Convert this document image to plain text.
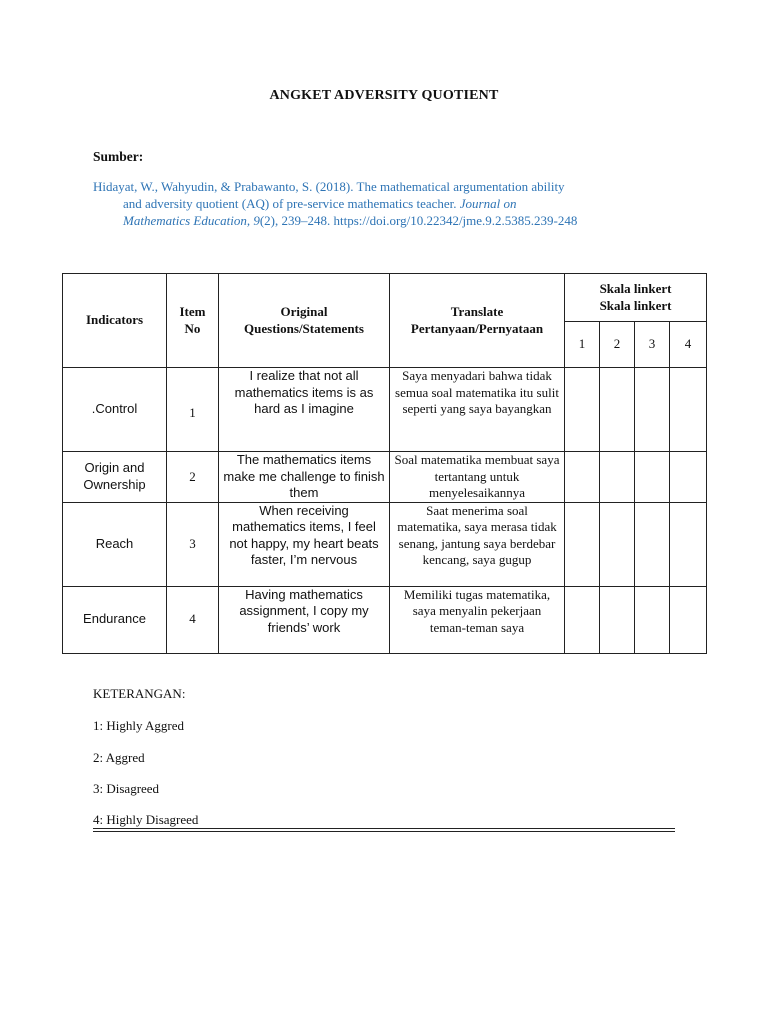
ANGKET ADVERSITY QUOTIENT
Sumber:
Hidayat, W., Wahyudin, & Prabawanto, S. (2018). The mathematical argumentation ability
and adversity quotient (AQ) of pre-service mathematics teacher. Journal on
Mathematics Education, 9(2), 239–248. https://doi.org/10.22342/jme.9.2.5385.239-248
Indicators	Item No	Original Questions/Statements	Translate Pertanyaan/Pernyataan	Skala linkert
Skala linkert			

				1	2	3	4
.Control	1	I realize that not all mathematics items is as hard as I imagine	Saya menyadari bahwa tidak semua soal matematika itu sulit seperti yang saya bayangkan				
Origin and Ownership	2	The mathematics items make me challenge to finish them	Soal matematika membuat saya tertantang untuk menyelesaikannya				
Reach	3	When receiving mathematics items, I feel not happy, my heart beats faster, I’m nervous	Saat menerima soal matematika, saya merasa tidak senang, jantung saya berdebar kencang, saya gugup				
Endurance	4	Having mathematics assignment, I copy my friends’ work	Memiliki tugas matematika, saya menyalin pekerjaan teman-teman saya				
KETERANGAN:
1: Highly Aggred
2: Aggred
3: Disagreed
4: Highly Disagreed
